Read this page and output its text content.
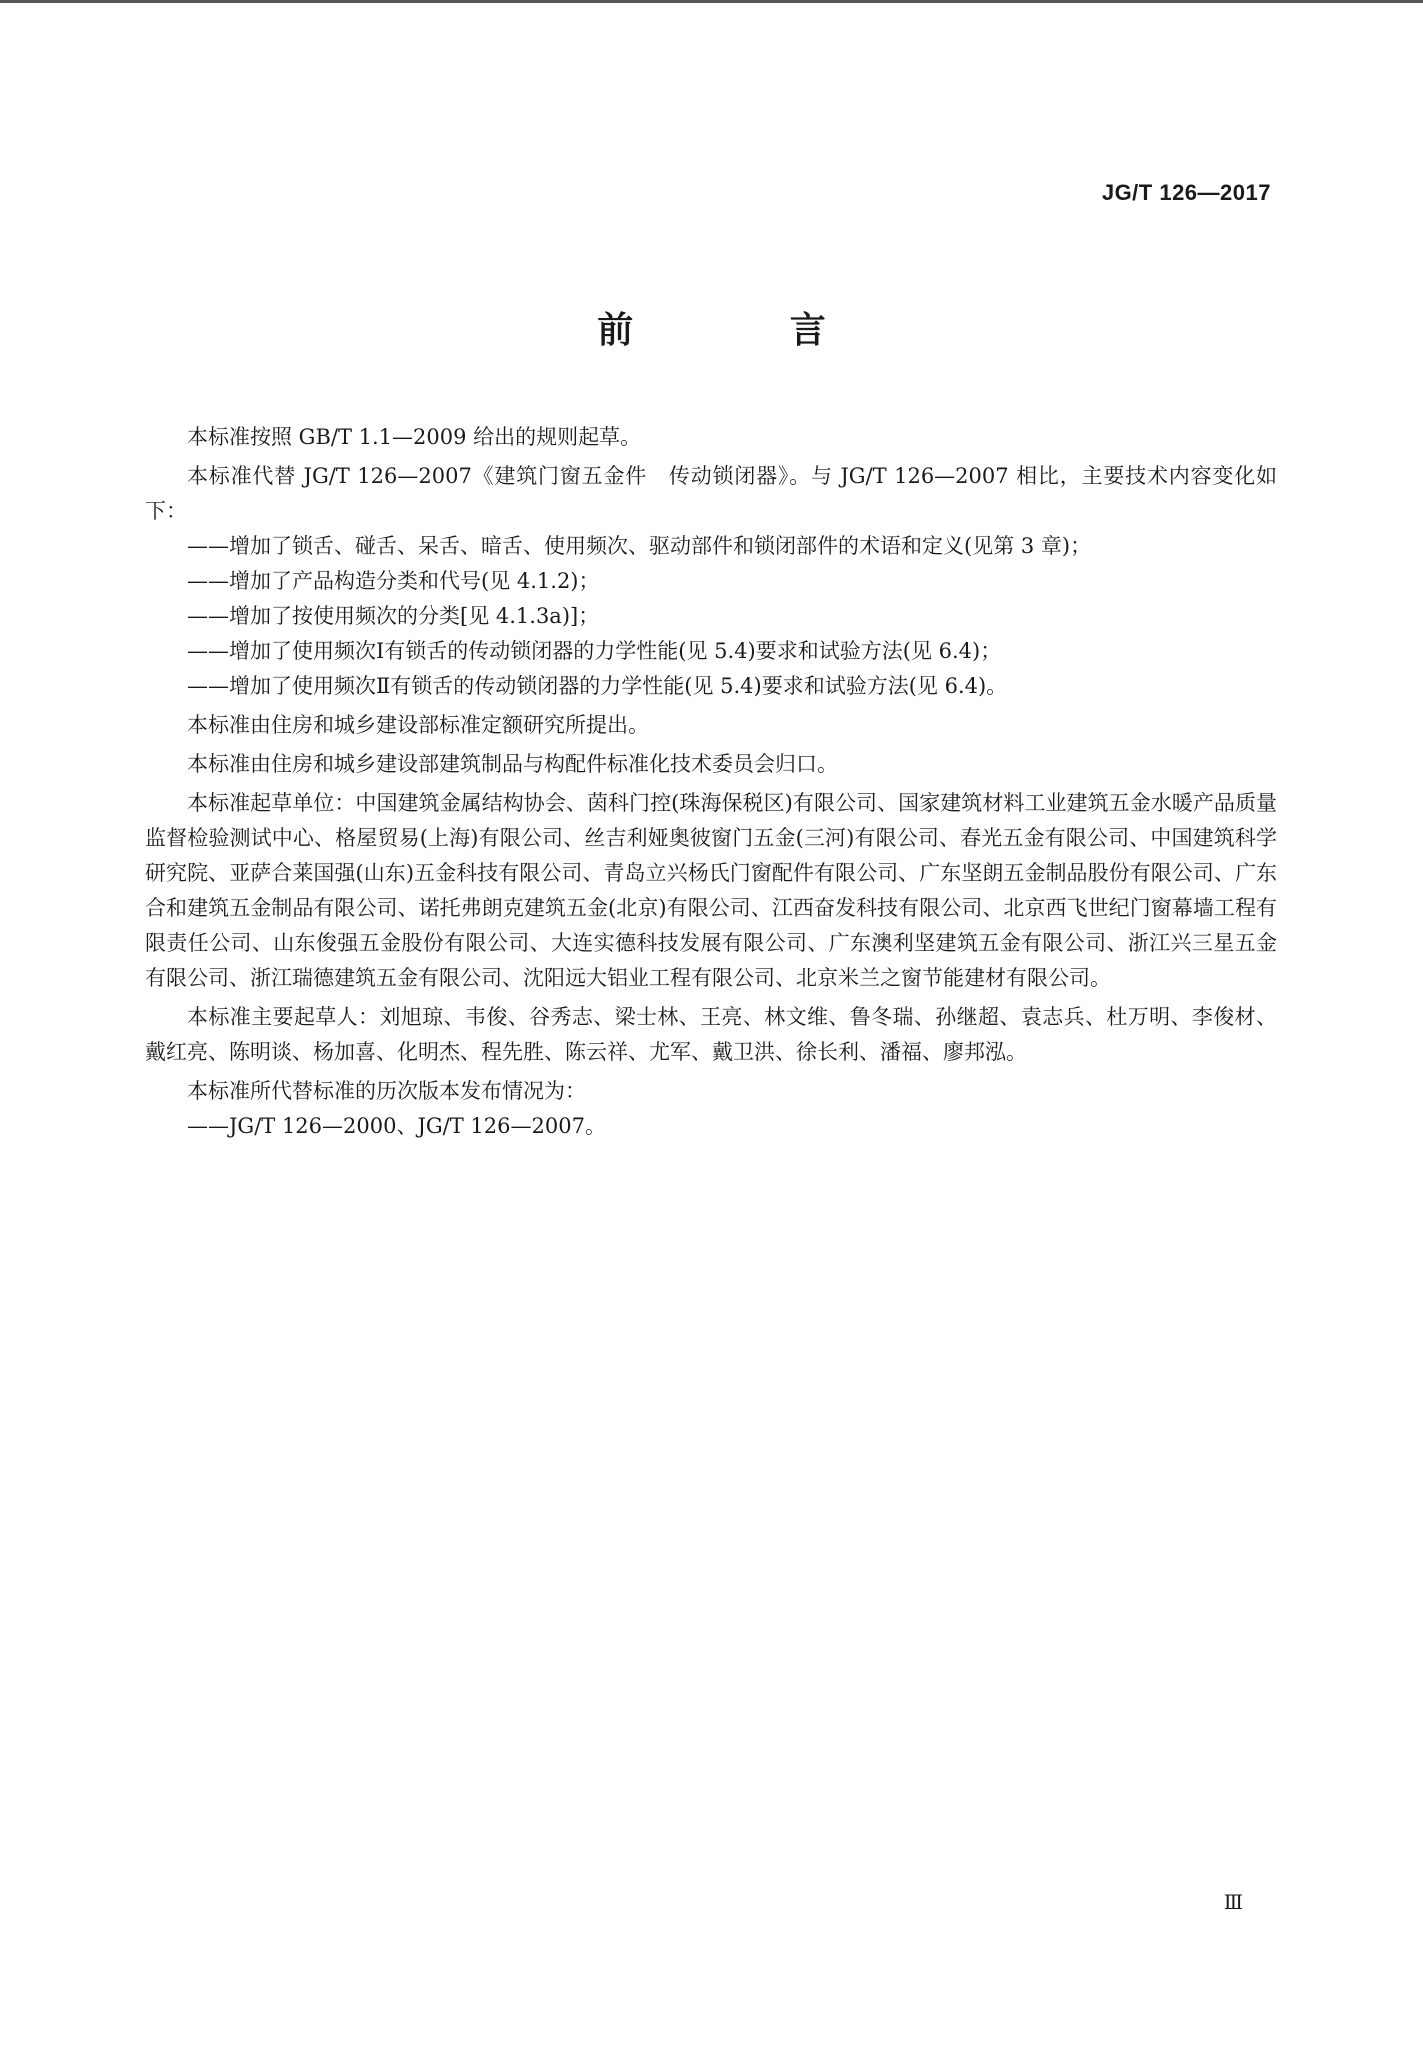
JG/T 126—2017
前 言

本标准按照 GB/T 1.1—2009 给出的规则起草。

本标准代替 JG/T 126—2007《建筑门窗五金件　传动锁闭器》。与 JG/T 126—2007 相比，主要技术内容变化如下：

—— 增加了锁舌、碰舌、呆舌、暗舌、使用频次、驱动部件和锁闭部件的术语和定义(见第 3 章)；

—— 增加了产品构造分类和代号(见 4.1.2)；

—— 增加了按使用频次的分类[见 4.1.3a)]；

—— 增加了使用频次Ⅰ有锁舌的传动锁闭器的力学性能(见 5.4)要求和试验方法(见 6.4)；

—— 增加了使用频次Ⅱ有锁舌的传动锁闭器的力学性能(见 5.4)要求和试验方法(见 6.4)。

本标准由住房和城乡建设部标准定额研究所提出。

本标准由住房和城乡建设部建筑制品与构配件标准化技术委员会归口。

本标准起草单位：中国建筑金属结构协会、茵科门控(珠海保税区)有限公司、国家建筑材料工业建筑五金水暖产品质量监督检验测试中心、格屋贸易(上海)有限公司、丝吉利娅奥彼窗门五金(三河)有限公司、春光五金有限公司、中国建筑科学研究院、亚萨合莱国强(山东)五金科技有限公司、青岛立兴杨氏门窗配件有限公司、广东坚朗五金制品股份有限公司、广东合和建筑五金制品有限公司、诺托弗朗克建筑五金(北京)有限公司、江西奋发科技有限公司、北京西飞世纪门窗幕墙工程有限责任公司、山东俊强五金股份有限公司、大连实德科技发展有限公司、广东澳利坚建筑五金有限公司、浙江兴三星五金有限公司、浙江瑞德建筑五金有限公司、沈阳远大铝业工程有限公司、北京米兰之窗节能建材有限公司。

本标准主要起草人：刘旭琼、韦俊、谷秀志、梁士林、王亮、林文维、鲁冬瑞、孙继超、袁志兵、杜万明、李俊材、戴红亮、陈明谈、杨加喜、化明杰、程先胜、陈云祥、尤军、戴卫洪、徐长利、潘福、廖邦泓。

本标准所代替标准的历次版本发布情况为：

—— JG/T 126—2000、JG/T 126—2007。

Ⅲ
